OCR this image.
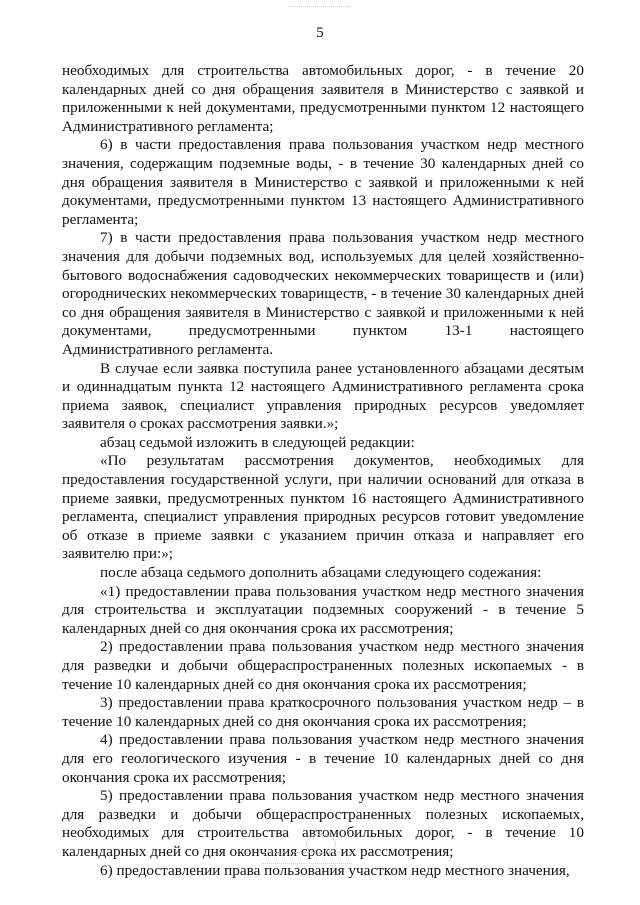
5

необходимых для строительства автомобильных дорог, - в течение 20 календарных дней со дня обращения заявителя в Министерство с заявкой и приложенными к ней документами, предусмотренными пунктом 12 настоящего Административного регламента;

6) в части предоставления права пользования участком недр местного значения, содержащим подземные воды, - в течение 30 календарных дней со дня обращения заявителя в Министерство с заявкой и приложенными к ней документами, предусмотренными пунктом 13 настоящего Административного регламента;

7) в части предоставления права пользования участком недр местного значения для добычи подземных вод, используемых для целей хозяйственно-бытового водоснабжения садоводческих некоммерческих товариществ и (или) огороднических некоммерческих товариществ, - в течение 30 календарных дней со дня обращения заявителя в Министерство с заявкой и приложенными к ней документами, предусмотренными пунктом 13-1 настоящего Административного регламента.

В случае если заявка поступила ранее установленного абзацами десятым и одиннадцатым пункта 12 настоящего Административного регламента срока приема заявок, специалист управления природных ресурсов уведомляет заявителя о сроках рассмотрения заявки.»;

абзац седьмой изложить в следующей редакции:

«По результатам рассмотрения документов, необходимых для предоставления государственной услуги, при наличии оснований для отказа в приеме заявки, предусмотренных пунктом 16 настоящего Административного регламента, специалист управления природных ресурсов готовит уведомление об отказе в приеме заявки с указанием причин отказа и направляет его заявителю при:»;

после абзаца седьмого дополнить абзацами следующего содежания:

«1) предоставлении права пользования участком недр местного значения для строительства и эксплуатации подземных сооружений - в течение 5 календарных дней со дня окончания срока их рассмотрения;

2) предоставлении права пользования участком недр местного значения для разведки и добычи общераспространенных полезных ископаемых - в течение 10 календарных дней со дня окончания срока их рассмотрения;

3) предоставлении права краткосрочного пользования участком недр – в течение 10 календарных дней со дня окончания срока их рассмотрения;

4) предоставлении права пользования участком недр местного значения для его геологического изучения - в течение 10 календарных дней со дня окончания срока их рассмотрения;

5) предоставлении права пользования участком недр местного значения для разведки и добычи общераспространенных полезных ископаемых, необходимых для строительства автомобильных дорог, - в течение 10 календарных дней со дня окончания срока их рассмотрения;

6) предоставлении права пользования участком недр местного значения,
